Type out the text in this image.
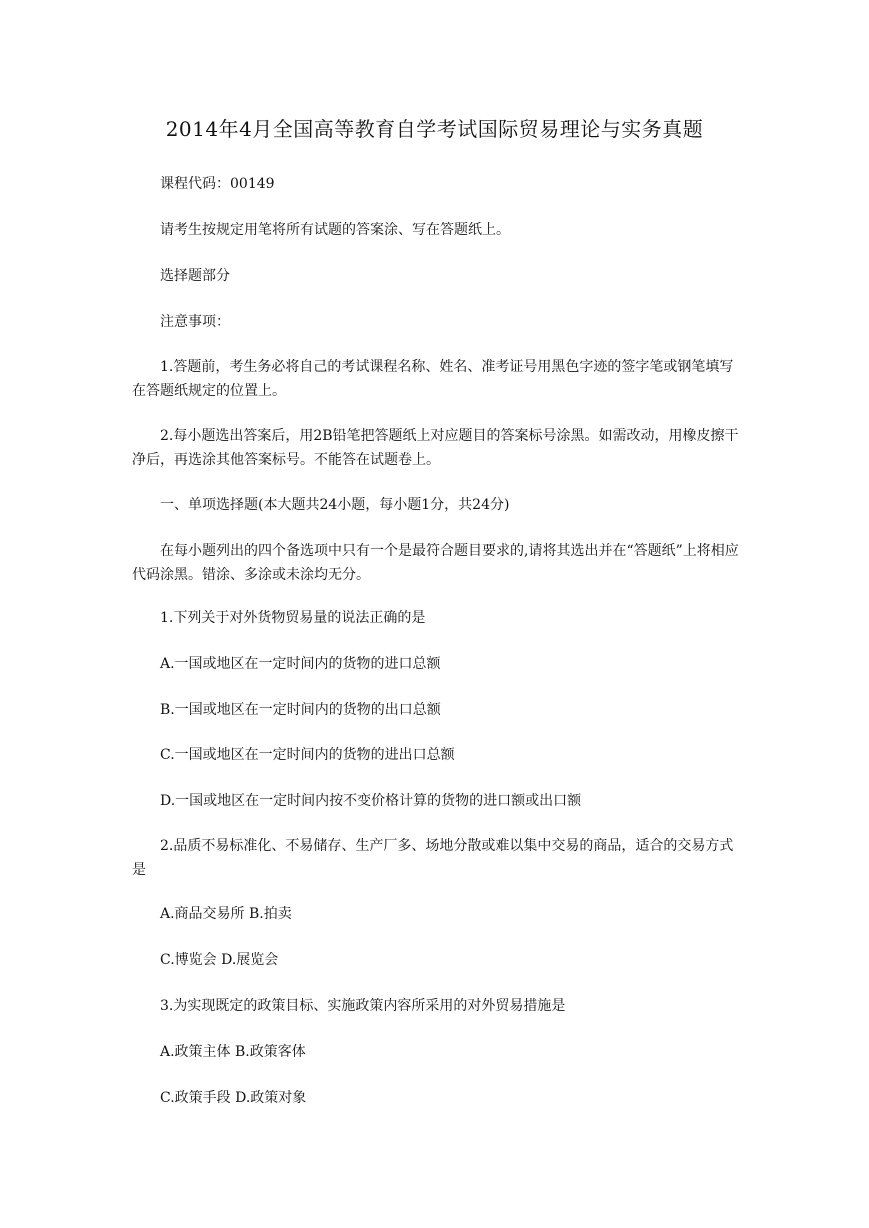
2014年4月全国高等教育自学考试国际贸易理论与实务真题

课程代码：00149

请考生按规定用笔将所有试题的答案涂、写在答题纸上。

选择题部分

注意事项：

1.答题前，考生务必将自己的考试课程名称、姓名、准考证号用黑色字迹的签字笔或钢笔填写在答题纸规定的位置上。

2.每小题选出答案后，用2B铅笔把答题纸上对应题目的答案标号涂黑。如需改动，用橡皮擦干净后，再选涂其他答案标号。不能答在试题卷上。

一、单项选择题(本大题共24小题，每小题1分，共24分)

在每小题列出的四个备选项中只有一个是最符合题目要求的,请将其选出并在“答题纸”上将相应代码涂黑。错涂、多涂或未涂均无分。

1.下列关于对外货物贸易量的说法正确的是

A.一国或地区在一定时间内的货物的进口总额

B.一国或地区在一定时间内的货物的出口总额

C.一国或地区在一定时间内的货物的进出口总额

D.一国或地区在一定时间内按不变价格计算的货物的进口额或出口额

2.品质不易标准化、不易储存、生产厂多、场地分散或难以集中交易的商品，适合的交易方式是

A.商品交易所 B.拍卖

C.博览会 D.展览会

3.为实现既定的政策目标、实施政策内容所采用的对外贸易措施是

A.政策主体 B.政策客体

C.政策手段 D.政策对象
